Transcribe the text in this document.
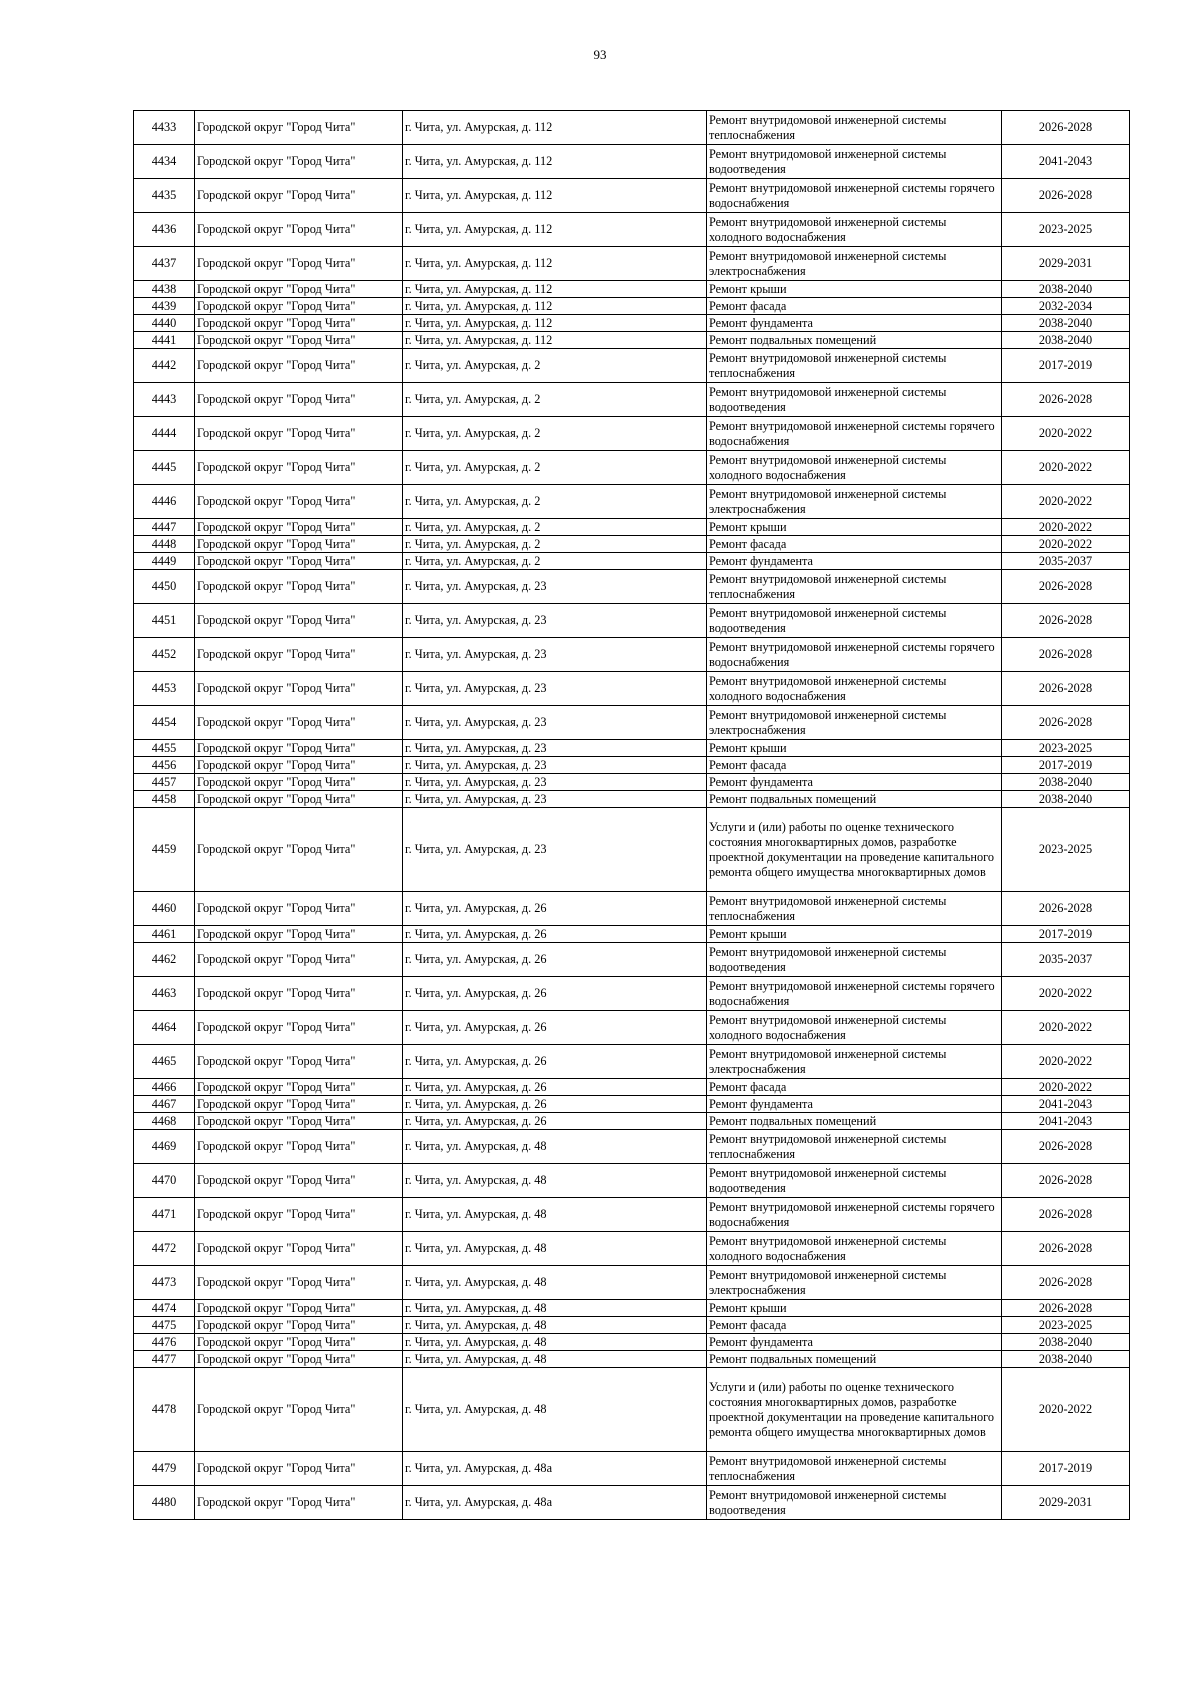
93
4433	Городской округ "Город Чита"	г. Чита, ул. Амурская, д. 112	Ремонт внутридомовой инженерной системы теплоснабжения	2026-2028
4434	Городской округ "Город Чита"	г. Чита, ул. Амурская, д. 112	Ремонт внутридомовой инженерной системы водоотведения	2041-2043
4435	Городской округ "Город Чита"	г. Чита, ул. Амурская, д. 112	Ремонт внутридомовой инженерной системы горячего водоснабжения	2026-2028
4436	Городской округ "Город Чита"	г. Чита, ул. Амурская, д. 112	Ремонт внутридомовой инженерной системы холодного водоснабжения	2023-2025
4437	Городской округ "Город Чита"	г. Чита, ул. Амурская, д. 112	Ремонт внутридомовой инженерной системы электроснабжения	2029-2031
4438	Городской округ "Город Чита"	г. Чита, ул. Амурская, д. 112	Ремонт крыши	2038-2040
4439	Городской округ "Город Чита"	г. Чита, ул. Амурская, д. 112	Ремонт фасада	2032-2034
4440	Городской округ "Город Чита"	г. Чита, ул. Амурская, д. 112	Ремонт фундамента	2038-2040
4441	Городской округ "Город Чита"	г. Чита, ул. Амурская, д. 112	Ремонт подвальных помещений	2038-2040
4442	Городской округ "Город Чита"	г. Чита, ул. Амурская, д. 2	Ремонт внутридомовой инженерной системы теплоснабжения	2017-2019
4443	Городской округ "Город Чита"	г. Чита, ул. Амурская, д. 2	Ремонт внутридомовой инженерной системы водоотведения	2026-2028
4444	Городской округ "Город Чита"	г. Чита, ул. Амурская, д. 2	Ремонт внутридомовой инженерной системы горячего водоснабжения	2020-2022
4445	Городской округ "Город Чита"	г. Чита, ул. Амурская, д. 2	Ремонт внутридомовой инженерной системы холодного водоснабжения	2020-2022
4446	Городской округ "Город Чита"	г. Чита, ул. Амурская, д. 2	Ремонт внутридомовой инженерной системы электроснабжения	2020-2022
4447	Городской округ "Город Чита"	г. Чита, ул. Амурская, д. 2	Ремонт крыши	2020-2022
4448	Городской округ "Город Чита"	г. Чита, ул. Амурская, д. 2	Ремонт фасада	2020-2022
4449	Городской округ "Город Чита"	г. Чита, ул. Амурская, д. 2	Ремонт фундамента	2035-2037
4450	Городской округ "Город Чита"	г. Чита, ул. Амурская, д. 23	Ремонт внутридомовой инженерной системы теплоснабжения	2026-2028
4451	Городской округ "Город Чита"	г. Чита, ул. Амурская, д. 23	Ремонт внутридомовой инженерной системы водоотведения	2026-2028
4452	Городской округ "Город Чита"	г. Чита, ул. Амурская, д. 23	Ремонт внутридомовой инженерной системы горячего водоснабжения	2026-2028
4453	Городской округ "Город Чита"	г. Чита, ул. Амурская, д. 23	Ремонт внутридомовой инженерной системы холодного водоснабжения	2026-2028
4454	Городской округ "Город Чита"	г. Чита, ул. Амурская, д. 23	Ремонт внутридомовой инженерной системы электроснабжения	2026-2028
4455	Городской округ "Город Чита"	г. Чита, ул. Амурская, д. 23	Ремонт крыши	2023-2025
4456	Городской округ "Город Чита"	г. Чита, ул. Амурская, д. 23	Ремонт фасада	2017-2019
4457	Городской округ "Город Чита"	г. Чита, ул. Амурская, д. 23	Ремонт фундамента	2038-2040
4458	Городской округ "Город Чита"	г. Чита, ул. Амурская, д. 23	Ремонт подвальных помещений	2038-2040
4459	Городской округ "Город Чита"	г. Чита, ул. Амурская, д. 23	Услуги и (или) работы по оценке технического состояния многоквартирных домов, разработке проектной документации на проведение капитального ремонта общего имущества многоквартирных домов	2023-2025
4460	Городской округ "Город Чита"	г. Чита, ул. Амурская, д. 26	Ремонт внутридомовой инженерной системы теплоснабжения	2026-2028
4461	Городской округ "Город Чита"	г. Чита, ул. Амурская, д. 26	Ремонт крыши	2017-2019
4462	Городской округ "Город Чита"	г. Чита, ул. Амурская, д. 26	Ремонт внутридомовой инженерной системы водоотведения	2035-2037
4463	Городской округ "Город Чита"	г. Чита, ул. Амурская, д. 26	Ремонт внутридомовой инженерной системы горячего водоснабжения	2020-2022
4464	Городской округ "Город Чита"	г. Чита, ул. Амурская, д. 26	Ремонт внутридомовой инженерной системы холодного водоснабжения	2020-2022
4465	Городской округ "Город Чита"	г. Чита, ул. Амурская, д. 26	Ремонт внутридомовой инженерной системы электроснабжения	2020-2022
4466	Городской округ "Город Чита"	г. Чита, ул. Амурская, д. 26	Ремонт фасада	2020-2022
4467	Городской округ "Город Чита"	г. Чита, ул. Амурская, д. 26	Ремонт фундамента	2041-2043
4468	Городской округ "Город Чита"	г. Чита, ул. Амурская, д. 26	Ремонт подвальных помещений	2041-2043
4469	Городской округ "Город Чита"	г. Чита, ул. Амурская, д. 48	Ремонт внутридомовой инженерной системы теплоснабжения	2026-2028
4470	Городской округ "Город Чита"	г. Чита, ул. Амурская, д. 48	Ремонт внутридомовой инженерной системы водоотведения	2026-2028
4471	Городской округ "Город Чита"	г. Чита, ул. Амурская, д. 48	Ремонт внутридомовой инженерной системы горячего водоснабжения	2026-2028
4472	Городской округ "Город Чита"	г. Чита, ул. Амурская, д. 48	Ремонт внутридомовой инженерной системы холодного водоснабжения	2026-2028
4473	Городской округ "Город Чита"	г. Чита, ул. Амурская, д. 48	Ремонт внутридомовой инженерной системы электроснабжения	2026-2028
4474	Городской округ "Город Чита"	г. Чита, ул. Амурская, д. 48	Ремонт крыши	2026-2028
4475	Городской округ "Город Чита"	г. Чита, ул. Амурская, д. 48	Ремонт фасада	2023-2025
4476	Городской округ "Город Чита"	г. Чита, ул. Амурская, д. 48	Ремонт фундамента	2038-2040
4477	Городской округ "Город Чита"	г. Чита, ул. Амурская, д. 48	Ремонт подвальных помещений	2038-2040
4478	Городской округ "Город Чита"	г. Чита, ул. Амурская, д. 48	Услуги и (или) работы по оценке технического состояния многоквартирных домов, разработке проектной документации на проведение капитального ремонта общего имущества многоквартирных домов	2020-2022
4479	Городской округ "Город Чита"	г. Чита, ул. Амурская, д. 48а	Ремонт внутридомовой инженерной системы теплоснабжения	2017-2019
4480	Городской округ "Город Чита"	г. Чита, ул. Амурская, д. 48а	Ремонт внутридомовой инженерной системы водоотведения	2029-2031
